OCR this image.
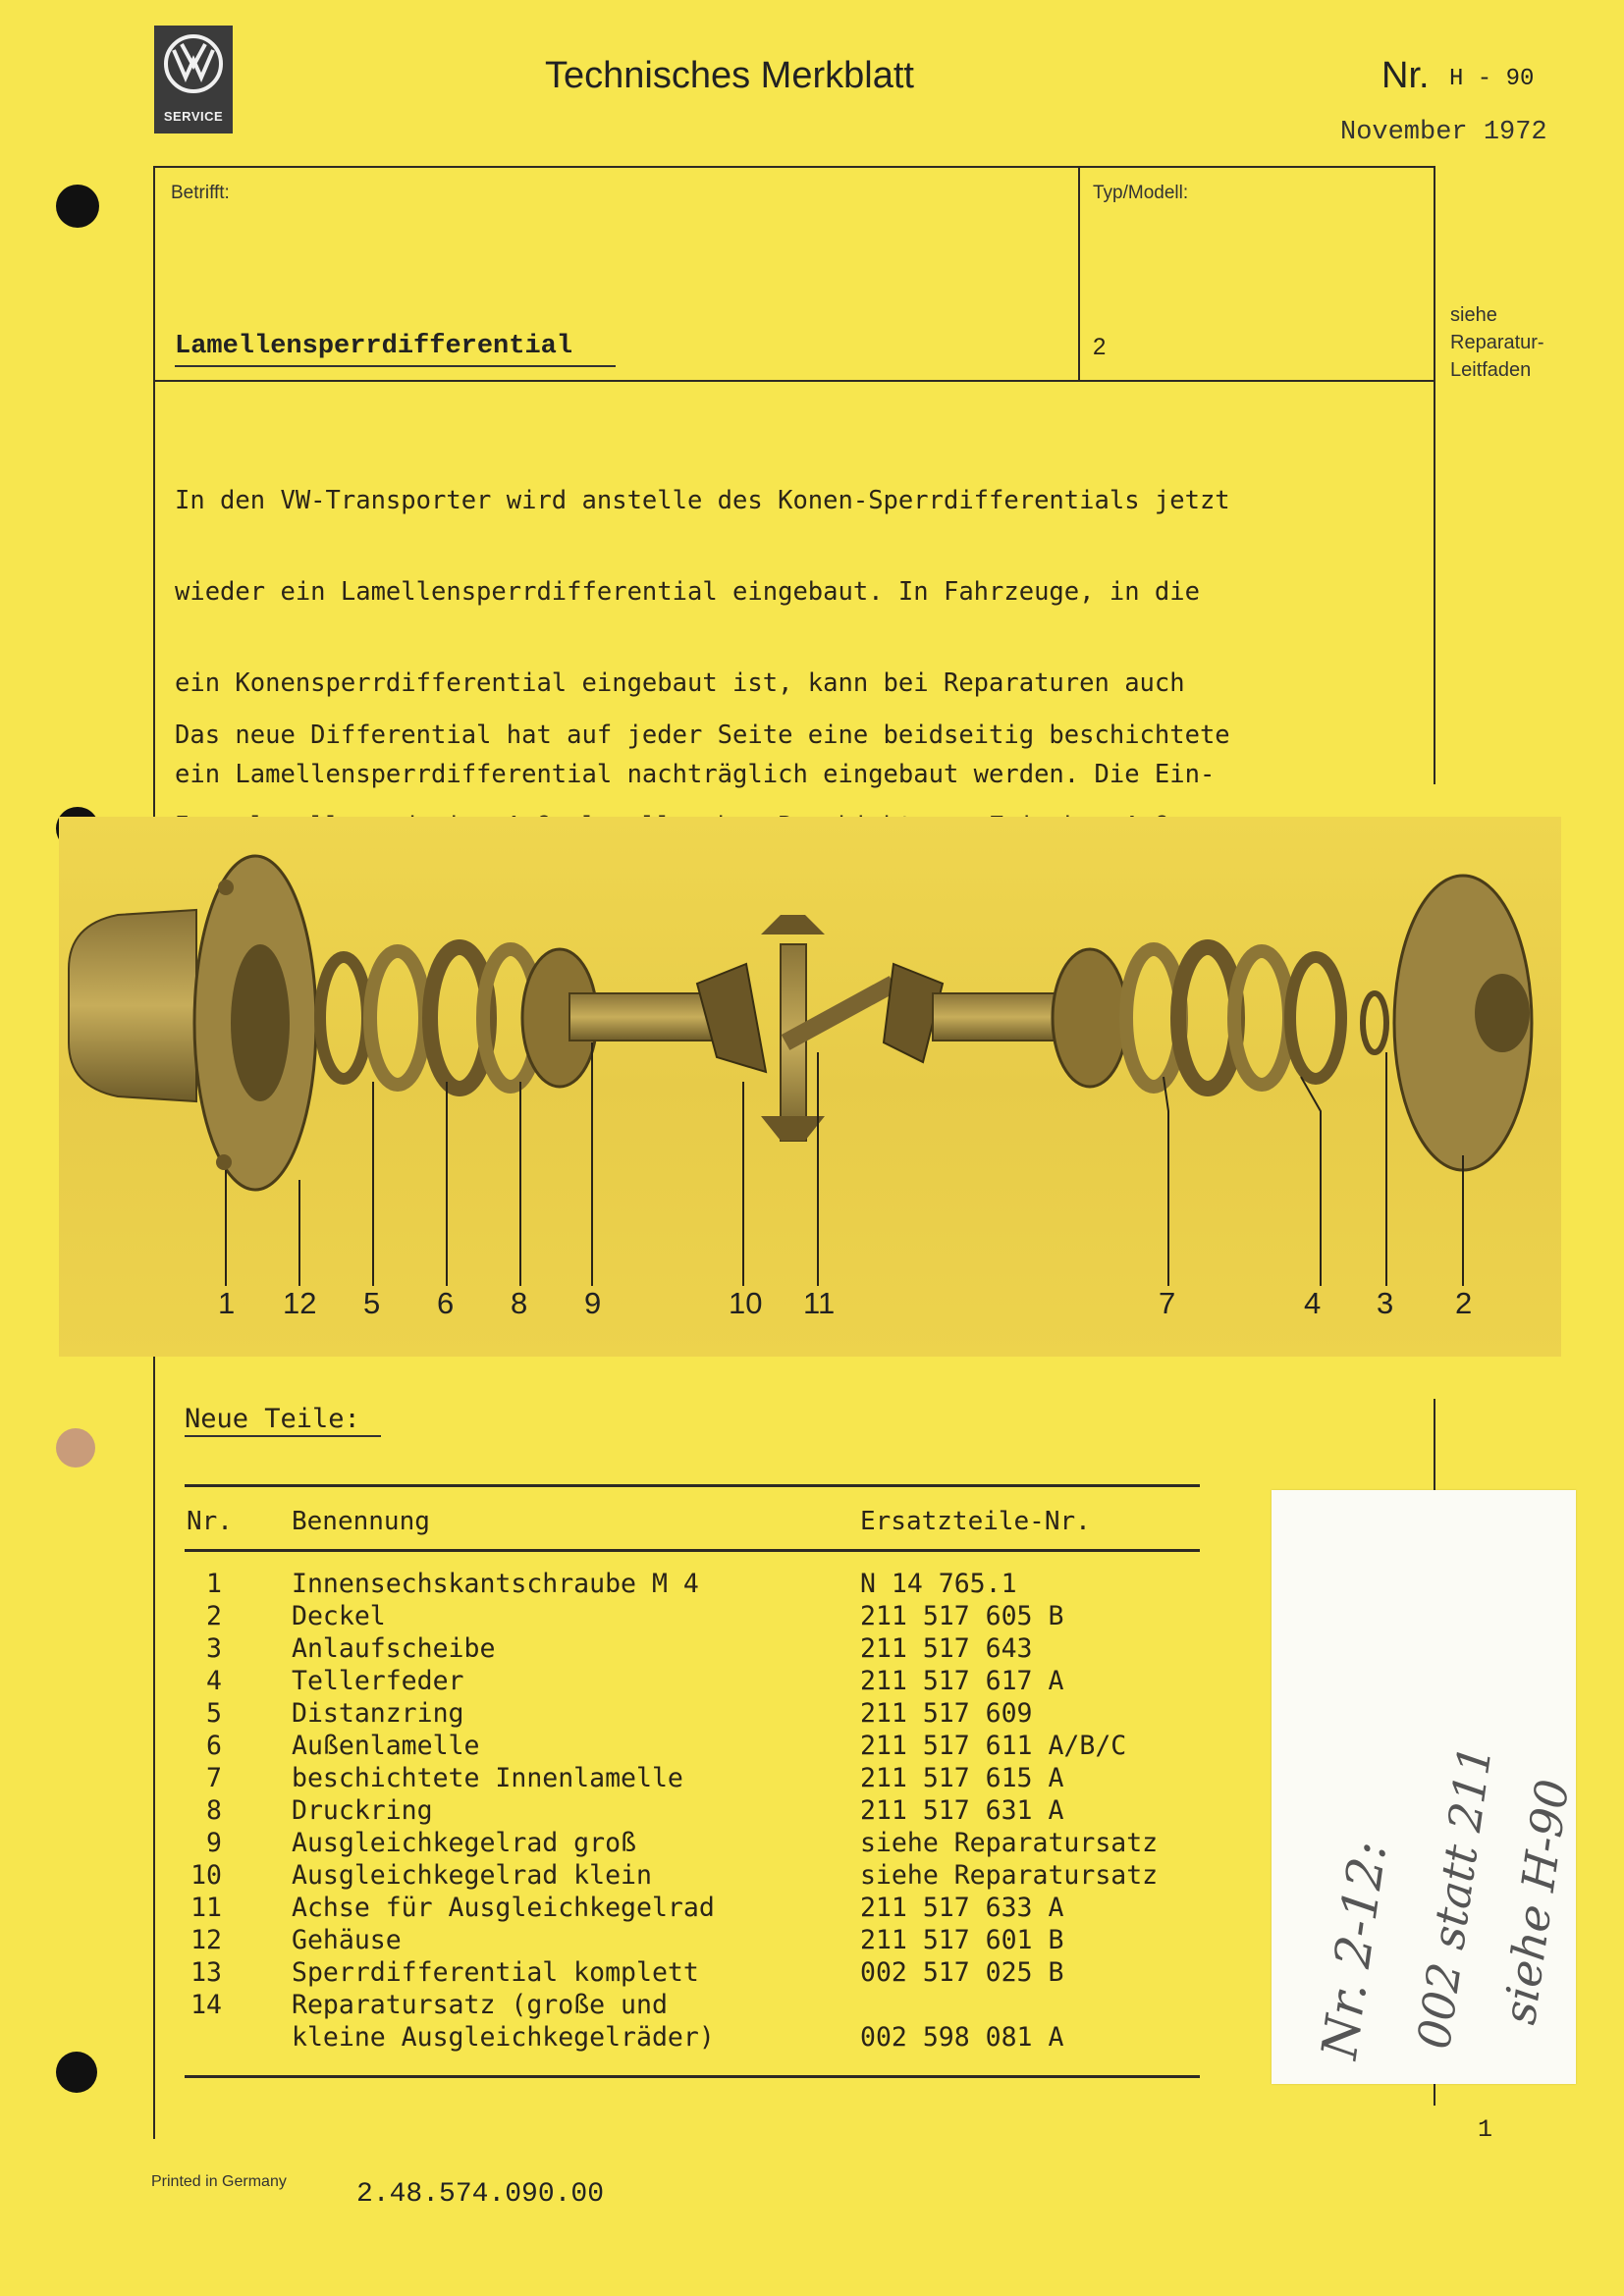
SERVICE
Technisches Merkblatt	Nr. H - 90
November 1972
Betrifft:	Typ/Modell:
Lamellensperrdifferential	2
siehe
Reparatur-
Leitfaden

In den VW-Transporter wird anstelle des Konen-Sperrdifferentials jetzt

wieder ein Lamellensperrdifferential eingebaut. In Fahrzeuge, in die

ein Konensperrdifferential eingebaut ist, kann bei Reparaturen auch

ein Lamellensperrdifferential nachträglich eingebaut werden. Die Ein-

Das neue Differential hat auf jeder Seite eine beidseitig beschichtete

1 12 5 6 8 9	10 11	7	4 3 2
Neue Teile:
Nr. Benennung	Ersatzteile-Nr.
1	Innensechskantschraube M 4	N 14 765.1
2	Deckel	211 517 605 B
3	Anlaufscheibe	211 517 643
4	Tellerfeder	211 517 617 A
5	Distanzring	211 517 609
6	Außenlamelle	211 517 611 A/B/C
7	beschichtete Innenlamelle	211 517 615 A
8	Druckring	211 517 631 A
9	Ausgleichkegelrad groß	siehe Reparatursatz
10	Ausgleichkegelrad klein	siehe Reparatursatz
11	Achse für Ausgleichkegelrad	211 517 633 A
12	Gehäuse	211 517 601 B
13	Sperrdifferential komplett	002 517 025 B
14	Reparatursatz (große und
kleine Ausgleichkegelräder)	002 598 081 A	Nr. 2-12: 002 statt 211
siehe H-90
1
Printed in Germany	2.48.574.090.00
